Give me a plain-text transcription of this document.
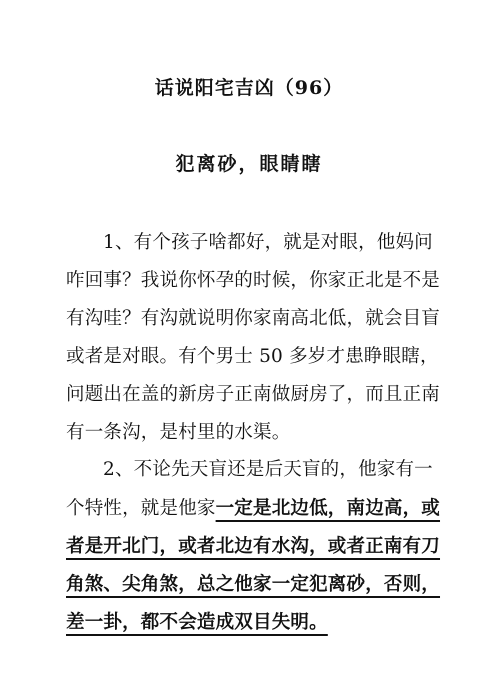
话说阳宅吉凶（96）
犯离砂，眼睛瞎
1、有个孩子啥都好，就是对眼，他妈问
咋回事？我说你怀孕的时候，你家正北是不是
有沟哇？有沟就说明你家南高北低，就会目盲
或者是对眼。有个男士 50 多岁才患睁眼瞎，
问题出在盖的新房子正南做厨房了，而且正南
有一条沟，是村里的水渠。
2、不论先天盲还是后天盲的，他家有一
个特性，就是他家一定是北边低，南边高，或
者是开北门，或者北边有水沟，或者正南有刀
角煞、尖角煞，总之他家一定犯离砂，否则，
差一卦，都不会造成双目失明。
